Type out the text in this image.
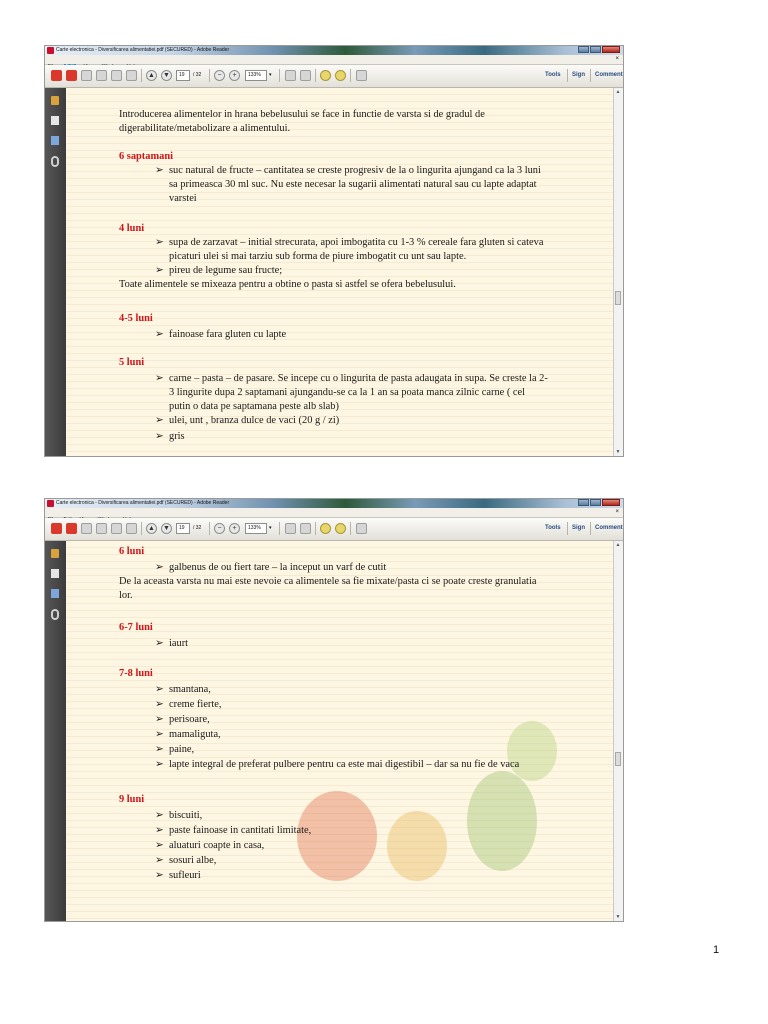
Carte electronica - Diversificarea alimentatiei.pdf (SECURED) - Adobe Reader
×
▲ ▼	19	/ 32	−	+	133%	▾	Tools Sign Comment
▲
▼
Introducerea alimentelor in hrana bebelusului se face in functie de varsta si de gradul de
digerabilitate/metabolizare a alimentului.
6 saptamani
➢ suc natural de fructe – cantitatea se creste progresiv de la o lingurita ajungand ca la 3 luni
sa primeasca 30 ml suc. Nu este necesar la sugarii alimentati natural sau cu lapte adaptat
varstei
4 luni
➢ supa de zarzavat – initial strecurata, apoi imbogatita cu 1-3 % cereale fara gluten si cateva
picaturi ulei si mai tarziu sub forma de piure imbogatit cu unt sau lapte.
➢ pireu de legume sau fructe;
Toate alimentele se mixeaza pentru a obtine o pasta si astfel se ofera bebelusului.
4-5 luni
➢ fainoase fara gluten cu lapte
5 luni
➢ carne – pasta – de pasare. Se incepe cu o lingurita de pasta adaugata in supa. Se creste la 2-
3 lingurite dupa 2 saptamani ajungandu-se ca la 1 an sa poata manca zilnic carne ( cel
putin o data pe saptamana peste alb slab)
➢ ulei, unt , branza dulce de vaci (20 g / zi)
➢ gris
Carte electronica - Diversificarea alimentatiei.pdf (SECURED) - Adobe Reader
×
▲ ▼	19	/ 32	−	+	133%	▾	Tools Sign Comment
▲
▼
6 luni
➢ galbenus de ou fiert tare – la inceput un varf de cutit
De la aceasta varsta nu mai este nevoie ca alimentele sa fie mixate/pasta ci se poate creste granulatia
lor.
6-7 luni
➢ iaurt
7-8 luni
➢ smantana,
➢ creme fierte,
➢ perisoare,
➢ mamaliguta,
➢ paine,
➢ lapte integral de preferat pulbere pentru ca este mai digestibil – dar sa nu fie de vaca
9 luni
➢ biscuiti,
➢ paste fainoase in cantitati limitate,
➢ aluaturi coapte in casa,
➢ sosuri albe,
➢ sufleuri
1
